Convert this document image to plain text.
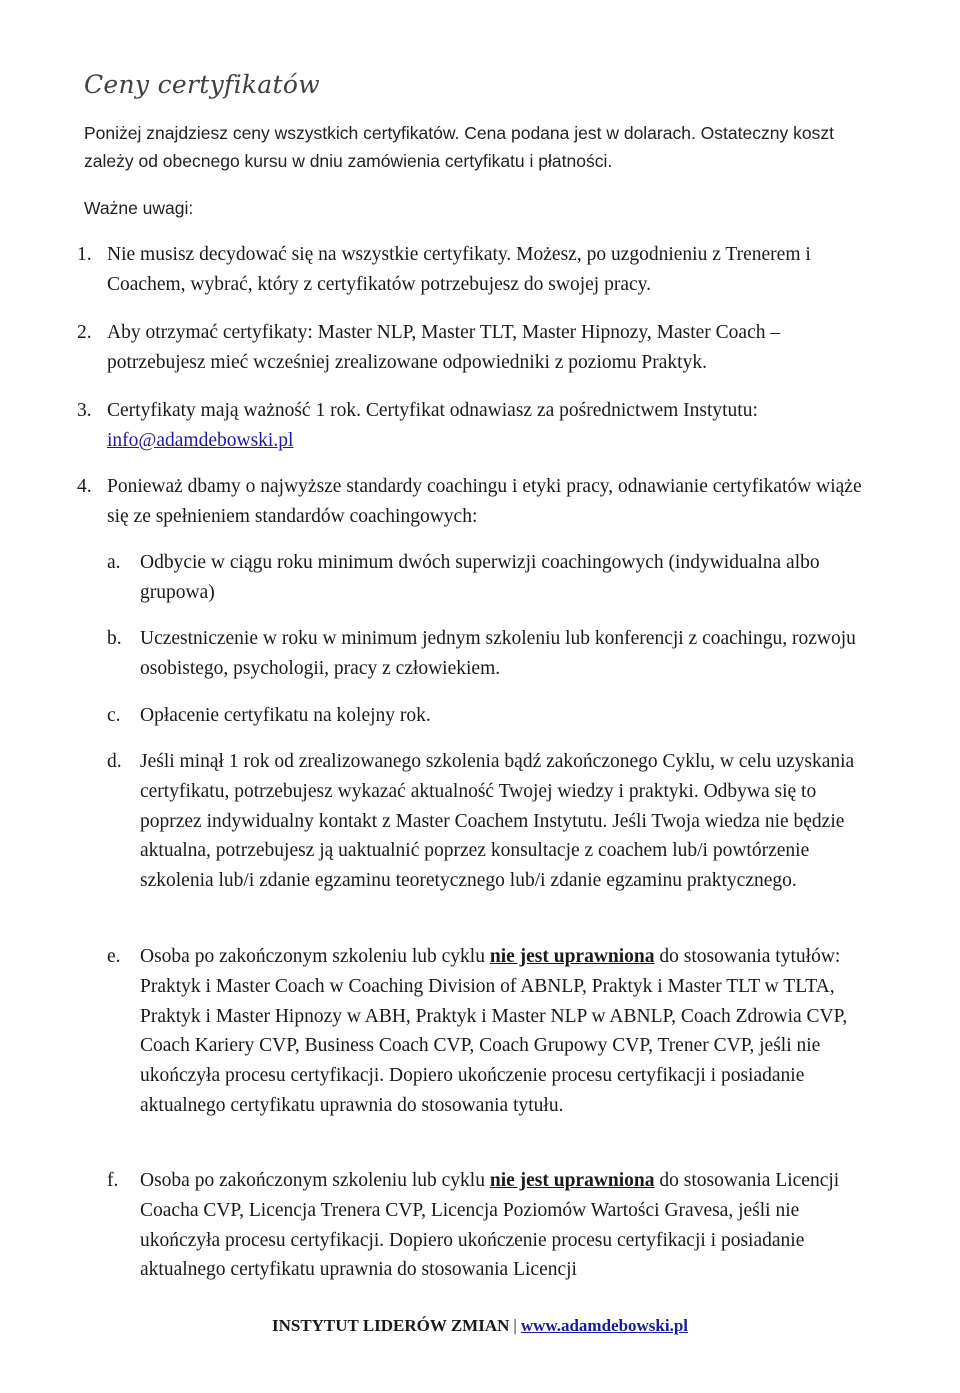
Ceny certyfikatów
Poniżej znajdziesz ceny wszystkich certyfikatów. Cena podana jest w dolarach. Ostateczny koszt zależy od obecnego kursu w dniu zamówienia certyfikatu i płatności.
Ważne uwagi:
1. Nie musisz decydować się na wszystkie certyfikaty. Możesz, po uzgodnieniu z Trenerem i Coachem, wybrać, który z certyfikatów potrzebujesz do swojej pracy.
2. Aby otrzymać certyfikaty: Master NLP, Master TLT, Master Hipnozy, Master Coach – potrzebujesz mieć wcześniej zrealizowane odpowiedniki z poziomu Praktyk.
3. Certyfikaty mają ważność 1 rok. Certyfikat odnawiasz za pośrednictwem Instytutu: info@adamdebowski.pl
4. Ponieważ dbamy o najwyższe standardy coachingu i etyki pracy, odnawianie certyfikatów wiąże się ze spełnieniem standardów coachingowych:
a. Odbycie w ciągu roku minimum dwóch superwizji coachingowych (indywidualna albo grupowa)
b. Uczestniczenie w roku w minimum jednym szkoleniu lub konferencji z coachingu, rozwoju osobistego, psychologii, pracy z człowiekiem.
c. Opłacenie certyfikatu na kolejny rok.
d. Jeśli minął 1 rok od zrealizowanego szkolenia bądź zakończonego Cyklu, w celu uzyskania certyfikatu, potrzebujesz wykazać aktualność Twojej wiedzy i praktyki. Odbywa się to poprzez indywidualny kontakt z Master Coachem Instytutu. Jeśli Twoja wiedza nie będzie aktualna, potrzebujesz ją uaktualnić poprzez konsultacje z coachem lub/i powtórzenie szkolenia lub/i zdanie egzaminu teoretycznego lub/i zdanie egzaminu praktycznego.
e. Osoba po zakończonym szkoleniu lub cyklu nie jest uprawniona do stosowania tytułów: Praktyk i Master Coach w Coaching Division of ABNLP, Praktyk i Master TLT w TLTA, Praktyk i Master Hipnozy w ABH, Praktyk i Master NLP w ABNLP, Coach Zdrowia CVP, Coach Kariery CVP, Business Coach CVP, Coach Grupowy CVP, Trener CVP, jeśli nie ukończyła procesu certyfikacji. Dopiero ukończenie procesu certyfikacji i posiadanie aktualnego certyfikatu uprawnia do stosowania tytułu.
f. Osoba po zakończonym szkoleniu lub cyklu nie jest uprawniona do stosowania Licencji Coacha CVP, Licencja Trenera CVP, Licencja Poziomów Wartości Gravesa, jeśli nie ukończyła procesu certyfikacji. Dopiero ukończenie procesu certyfikacji i posiadanie aktualnego certyfikatu uprawnia do stosowania Licencji
INSTYTUT LIDERÓW ZMIAN | www.adamdebowski.pl
